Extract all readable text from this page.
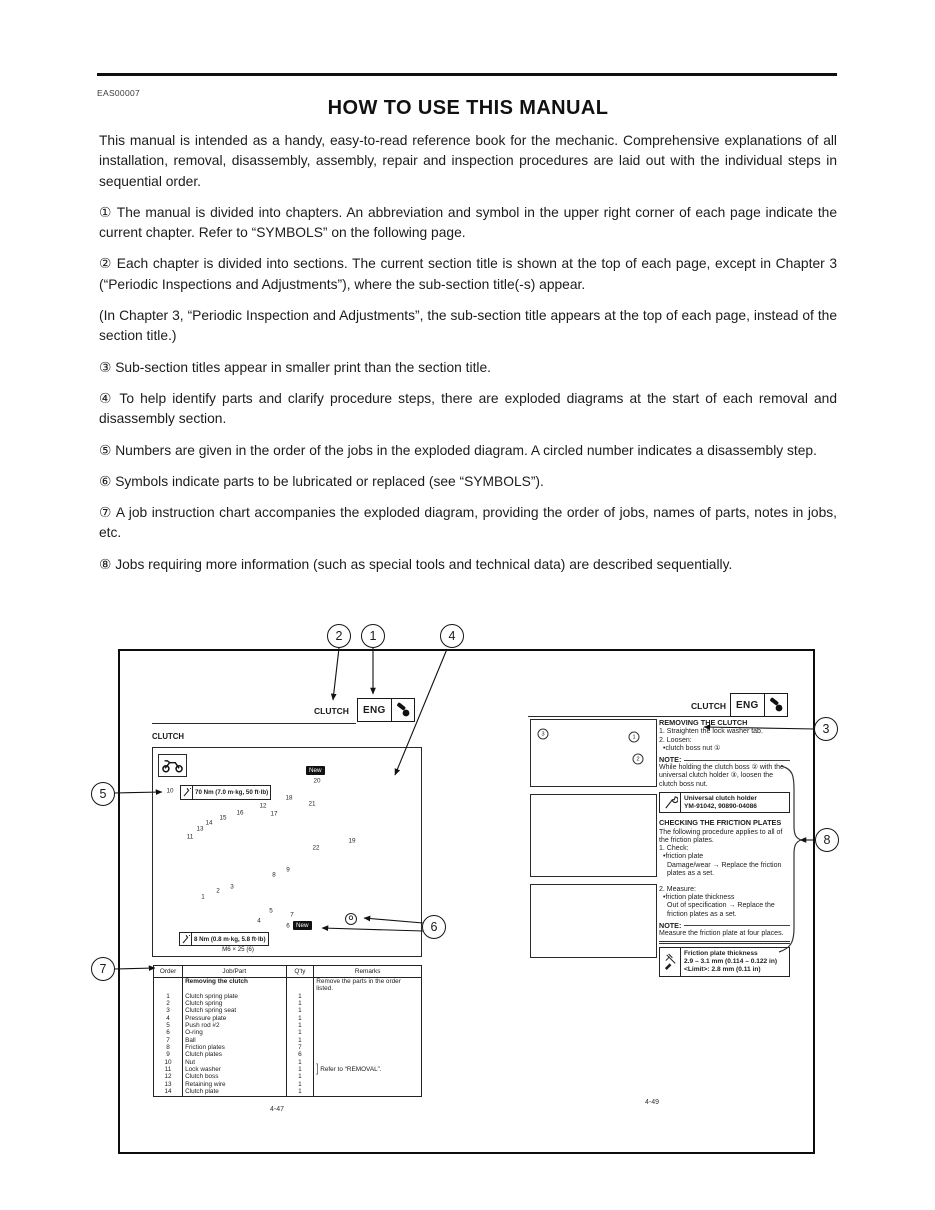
EAS00007
HOW TO USE THIS MANUAL

This manual is intended as a handy, easy-to-read reference book for the mechanic. Comprehensive explanations of all installation, removal, disassembly, assembly, repair and inspection procedures are laid out with the individual steps in sequential order.

① The manual is divided into chapters. An abbreviation and symbol in the upper right corner of each page indicate the current chapter. Refer to “SYMBOLS” on the following page.

② Each chapter is divided into sections. The current section title is shown at the top of each page, except in Chapter 3 (“Periodic Inspections and Adjustments”), where the sub-section title(-s) appear.

(In Chapter 3, “Periodic Inspection and Adjustments”, the sub-section title appears at the top of each page, instead of the section title.)

③ Sub-section titles appear in smaller print than the section title.

④ To help identify parts and clarify procedure steps, there are exploded diagrams at the start of each removal and disassembly section.

⑤ Numbers are given in the order of the jobs in the exploded diagram. A circled number indicates a disassembly step.

⑥ Symbols indicate parts to be lubricated or replaced (see “SYMBOLS”).

⑦ A job instruction chart accompanies the exploded diagram, providing the order of jobs, names of parts, notes in jobs, etc.

⑧ Jobs requiring more information (such as special tools and technical data) are described sequentially.

CLUTCH	ENG
CLUTCH
70 Nm (7.0 m·kg, 50 ft·lb)
New
New
O
8 Nm (0.8 m·kg, 5.8 ft·lb)
M6 × 25 (6)
Order	Job/Part	Q'ty	Remarks
	Removing the clutch		Remove the parts in the order listed.
1	Clutch spring plate	1	
2	Clutch spring	1	
3	Clutch spring seat	1	
4	Pressure plate	1	
5	Push rod #2	1	
6	O-ring	1	
7	Ball	1	
8	Friction plates	7	
9	Clutch plates	6	
10	Nut	1	
11	Lock washer	1	] Refer to “REMOVAL”.
12	Clutch boss	1	
13	Retaining wire	1	
14	Clutch plate	1	
4-47
CLUTCH	ENG
REMOVING THE CLUTCH
1. Straighten the lock washer tab.
2. Loosen:
•clutch boss nut ①
NOTE:
While holding the clutch boss ② with the universal clutch holder ③, loosen the clutch boss nut.
Universal clutch holder
YM-91042, 90890-04086
CHECKING THE FRICTION PLATES
The following procedure applies to all of the friction plates.
1. Check:
•friction plate
Damage/wear → Replace the friction plates as a set.
2. Measure:
•friction plate thickness
Out of specification → Replace the friction plates as a set.
NOTE:
Measure the friction plate at four places.
Friction plate thickness
2.9 – 3.1 mm (0.114 – 0.122 in)
<Limit>: 2.8 mm (0.11 in)
4-49
10
11
13
14
15
16
12
17
18
21
20
22
19
1
2
3
4
5
7
8
9
6
3	1
2
2	1	4
5
6
7
3
8
